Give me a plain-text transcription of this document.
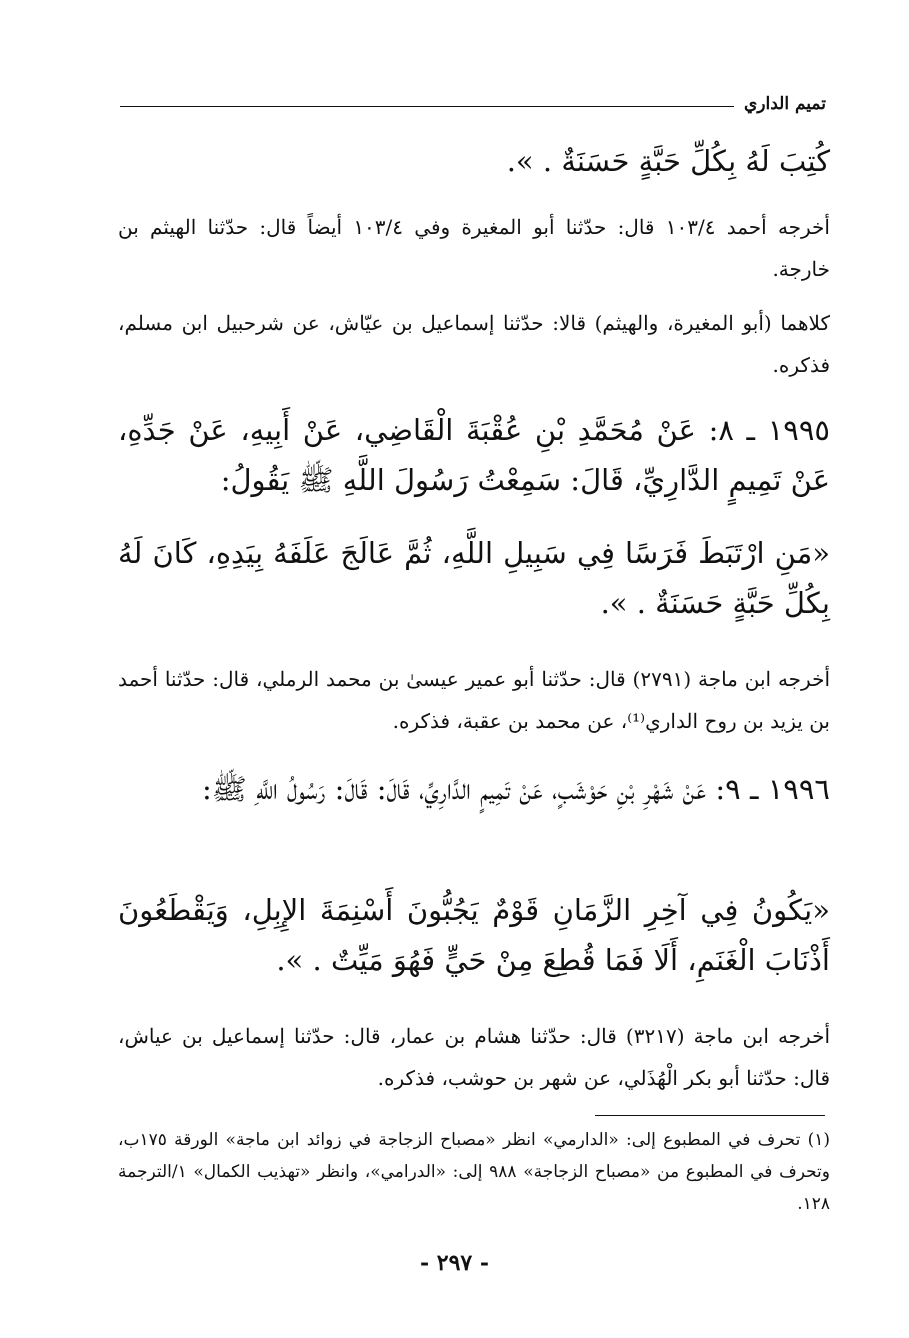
تميم الداري

كُتِبَ لَهُ بِكُلِّ حَبَّةٍ حَسَنَةٌ . ».

أخرجه أحمد ١٠٣/٤ قال: حدّثنا أبو المغيرة وفي ١٠٣/٤ أيضاً قال: حدّثنا الهيثم بن خارجة.

كلاهما (أبو المغيرة، والهيثم) قالا: حدّثنا إسماعيل بن عيّاش، عن شرحبيل ابن مسلم، فذكره.

١٩٩٥ ـ ٨: عَنْ مُحَمَّدِ بْنِ عُقْبَةَ الْقَاضِي، عَنْ أَبِيهِ، عَنْ جَدِّهِ، عَنْ تَمِيمٍ الدَّارِيِّ، قَالَ: سَمِعْتُ رَسُولَ اللَّهِ ﷺ يَقُولُ:

«مَنِ ارْتَبَطَ فَرَسًا فِي سَبِيلِ اللَّهِ، ثُمَّ عَالَجَ عَلَفَهُ بِيَدِهِ، كَانَ لَهُ بِكُلِّ حَبَّةٍ حَسَنَةٌ . ».

أخرجه ابن ماجة (٢٧٩١) قال: حدّثنا أبو عمير عيسىٰ بن محمد الرملي، قال: حدّثنا أحمد بن يزيد بن روح الداري⁽¹⁾، عن محمد بن عقبة، فذكره.

١٩٩٦ ـ ٩: عَنْ شَهْرِ بْنِ حَوْشَبٍ، عَنْ تَمِيمٍ الدَّارِيِّ، قَالَ: قَالَ: رَسُولُ اللَّهِ ﷺ:

«يَكُونُ فِي آخِرِ الزَّمَانِ قَوْمٌ يَجُبُّونَ أَسْنِمَةَ الإِبِلِ، وَيَقْطَعُونَ أَذْنَابَ الْغَنَمِ، أَلَا فَمَا قُطِعَ مِنْ حَيٍّ فَهُوَ مَيِّتٌ . ».

أخرجه ابن ماجة (٣٢١٧) قال: حدّثنا هشام بن عمار، قال: حدّثنا إسماعيل بن عياش، قال: حدّثنا أبو بكر الْهُذَلي، عن شهر بن حوشب، فذكره.

(١) تحرف في المطبوع إلى: «الدارمي» انظر «مصباح الزجاجة في زوائد ابن ماجة» الورقة ١٧٥ب، وتحرف في المطبوع من «مصباح الزجاجة» ٩٨٨ إلى: «الدرامي»، وانظر «تهذيب الكمال» ١/الترجمة ١٢٨.

- ٢٩٧ -
